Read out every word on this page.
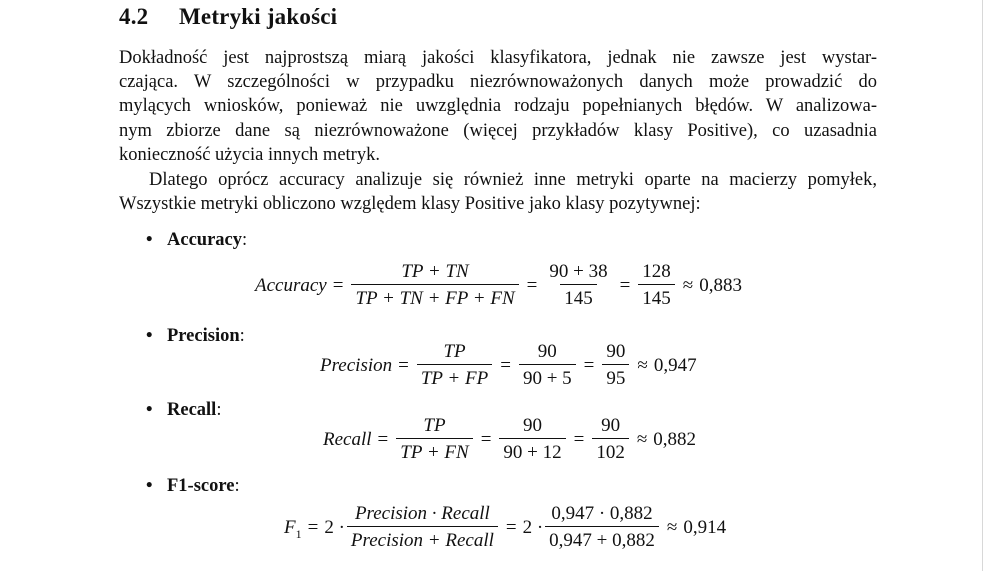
4.2 Metryki jakości
Dokładność jest najprostszą miarą jakości klasyfikatora, jednak nie zawsze jest wystar-
czająca. W szczególności w przypadku niezrównoważonych danych może prowadzić do
mylących wniosków, ponieważ nie uwzględnia rodzaju popełnianych błędów. W analizowa-
nym zbiorze dane są niezrównoważone (więcej przykładów klasy Positive), co uzasadnia
konieczność użycia innych metryk.
Dlatego oprócz accuracy analizuje się również inne metryki oparte na macierzy pomyłek,
Wszystkie metryki obliczono względem klasy Positive jako klasy pozytywnej:
• Accuracy:
Accuracy = $\frac{TP + TN}{TP + TN + FP + FN} = \frac{90 + 38}{145} = \frac{128}{145} \approx 0,883$
• Precision:
Precision = $\frac{TP}{TP + FP} = \frac{90}{90 + 5} = \frac{90}{95} \approx 0,947$
• Recall:
Recall = $\frac{TP}{TP + FN} = \frac{90}{90 + 12} = \frac{90}{102} \approx 0,882$
• F1-score:
$F_1 = 2 \cdot \frac{\text{Precision · Recall}}{\text{Precision + Recall}} = 2 \cdot \frac{0,947 \cdot 0,882}{0,947 + 0,882} \approx 0,914$
